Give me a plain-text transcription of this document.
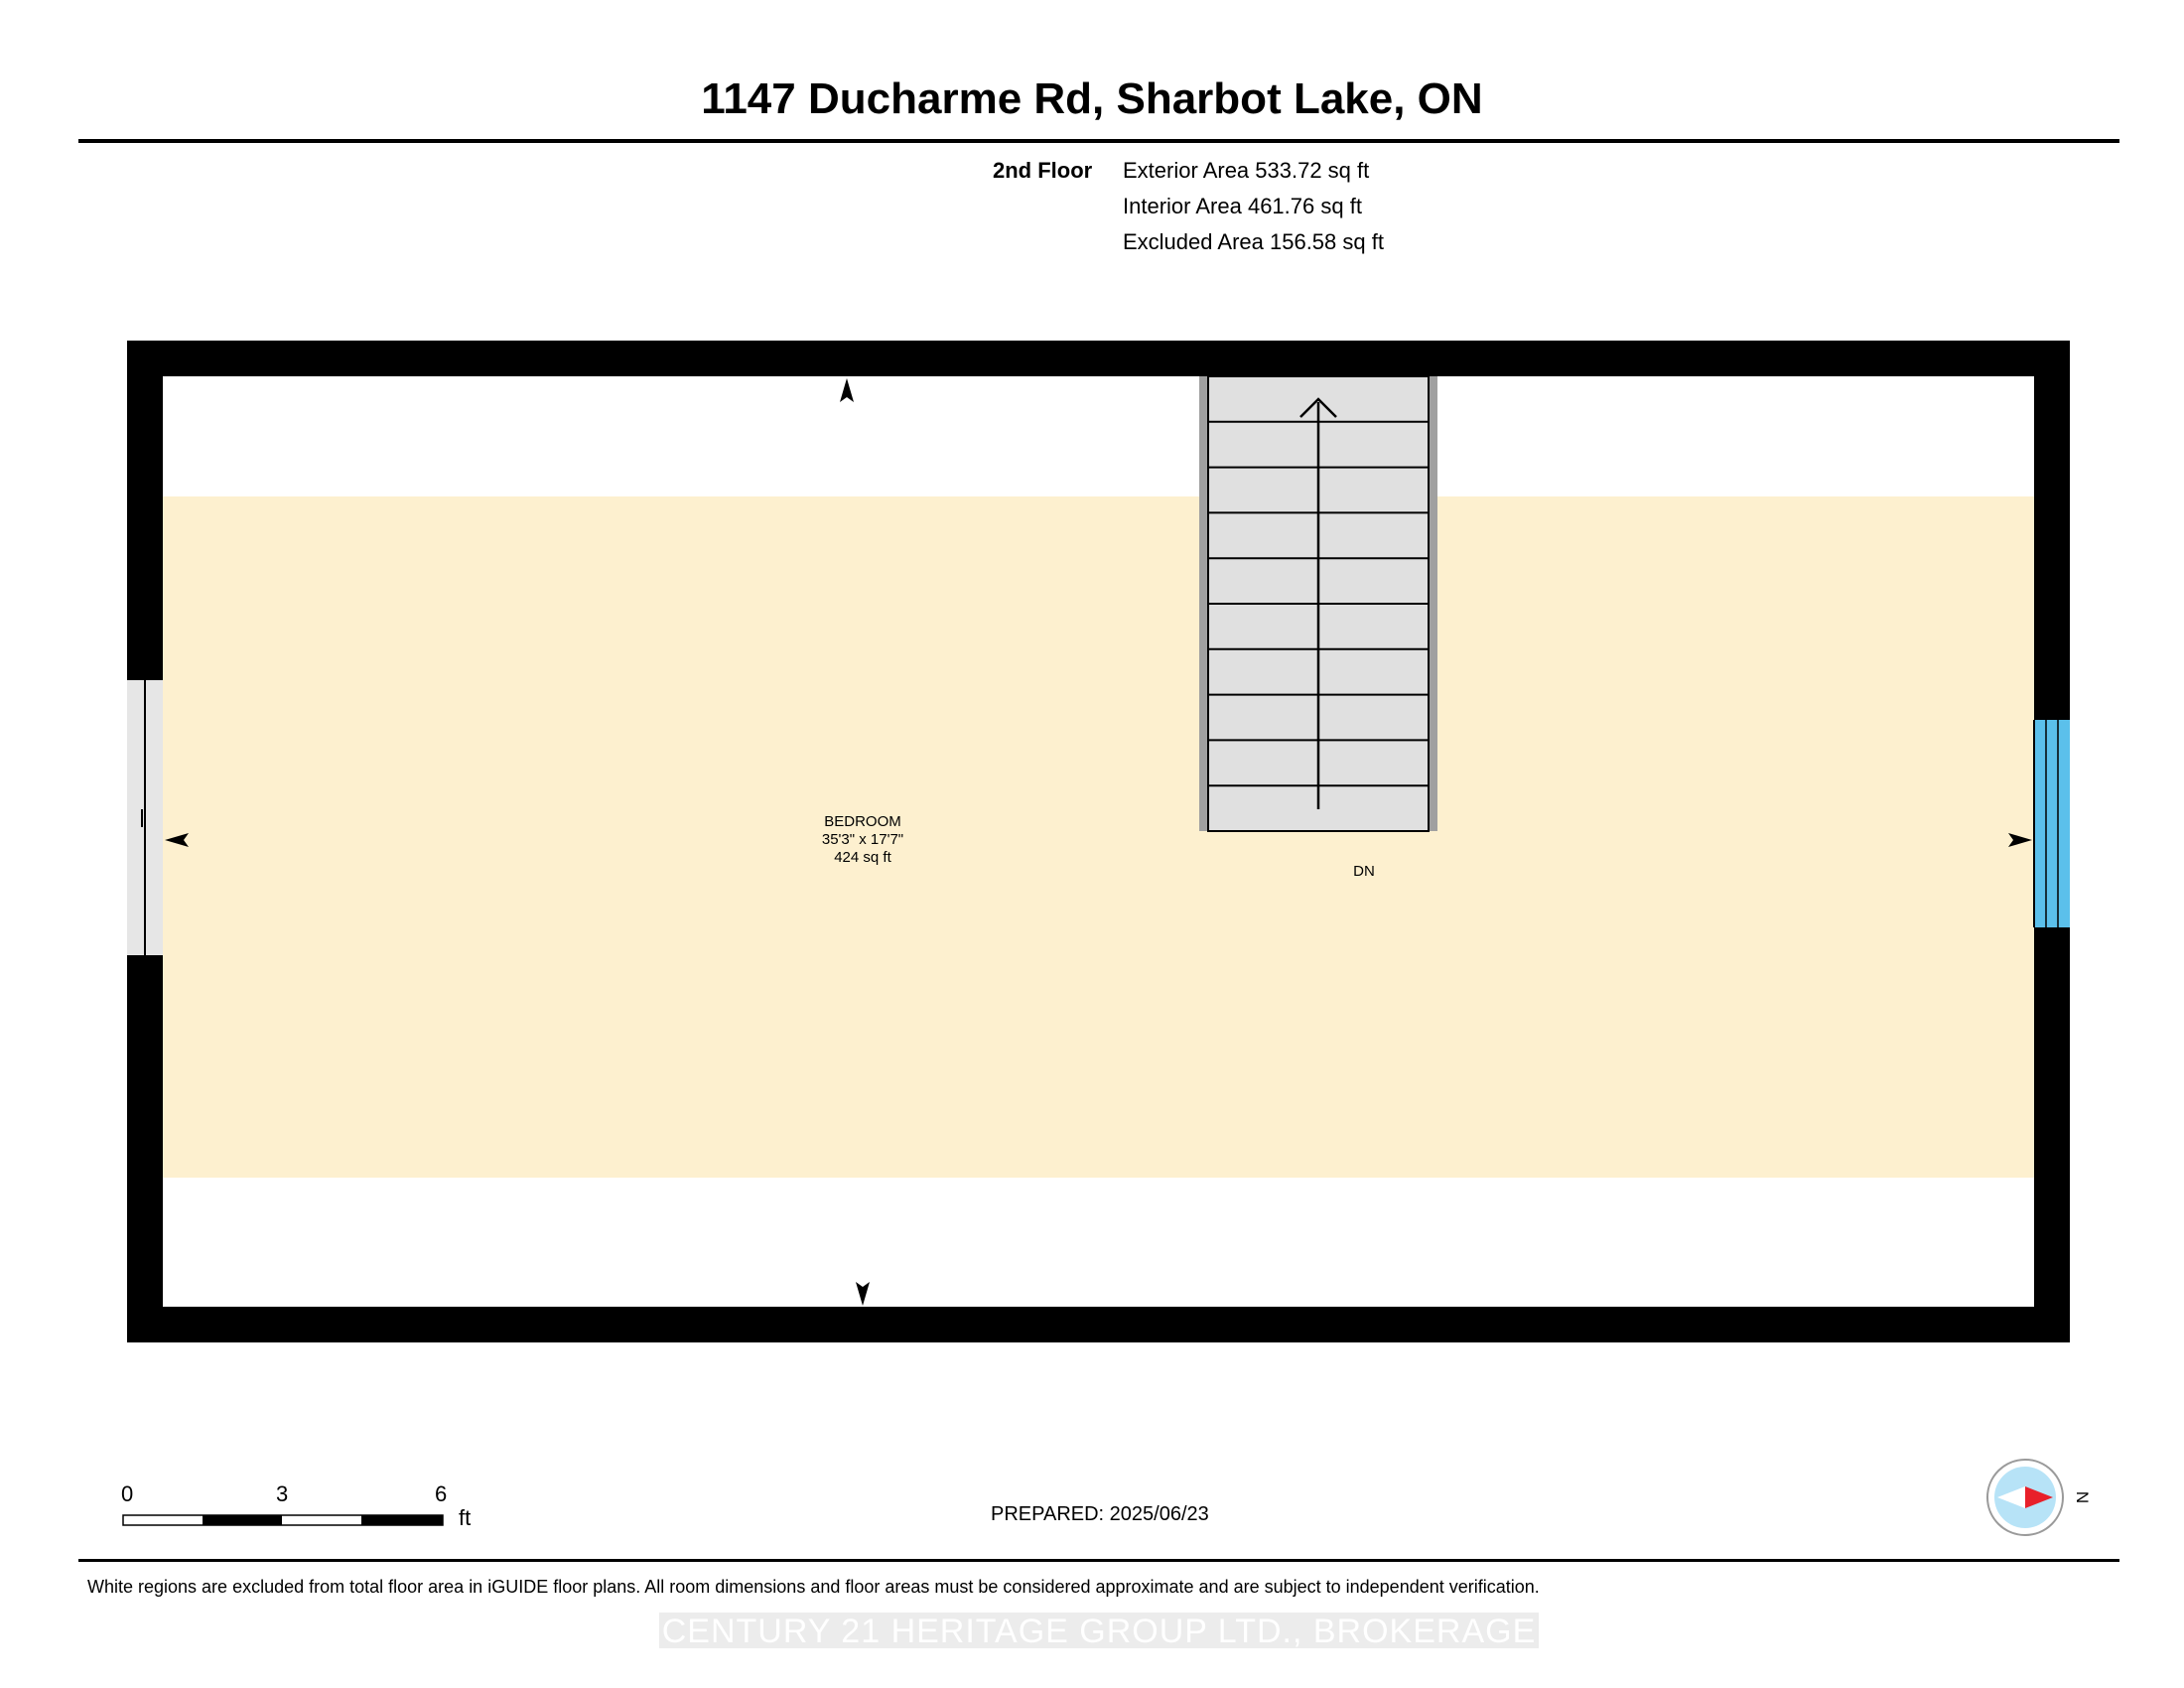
1147 Ducharme Rd, Sharbot Lake, ON
2nd Floor Exterior Area 533.72 sq ft
Interior Area 461.76 sq ft
Excluded Area 156.58 sq ft
BEDROOM
35'3" x 17'7"
424 sq ft
DN
N
0	3	6
ft	PREPARED: 2025/06/23
White regions are excluded from total floor area in iGUIDE floor plans. All room dimensions and floor areas must be considered approximate and are subject to independent verification.
CENTURY 21 HERITAGE GROUP LTD., BROKERAGE
